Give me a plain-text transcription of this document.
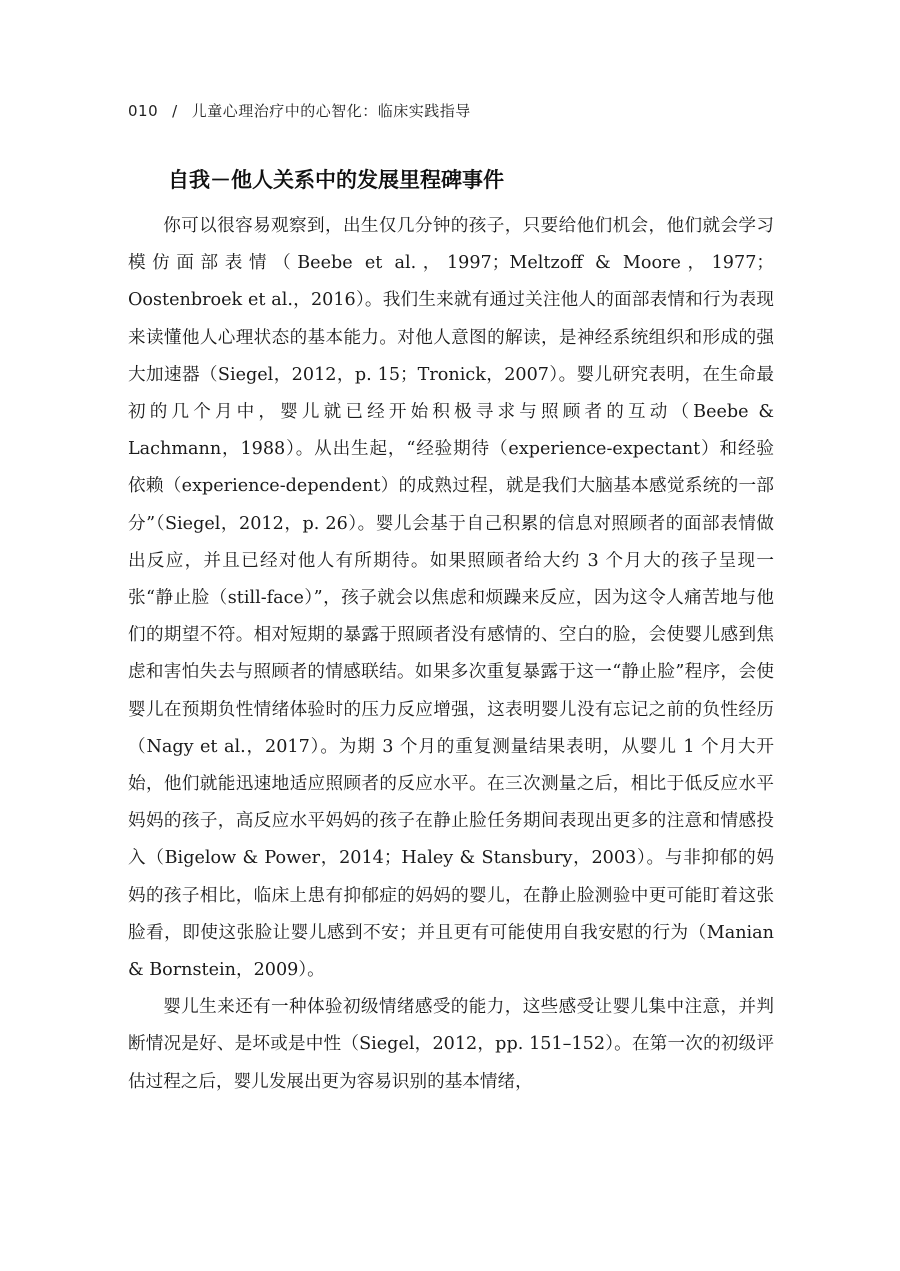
010 / 儿童心理治疗中的心智化：临床实践指导
自我－他人关系中的发展里程碑事件

你可以很容易观察到，出生仅几分钟的孩子，只要给他们机会，他们就会学习模仿面部表情（Beebe et al.，1997；Meltzoff & Moore，1977；Oostenbroek et al.，2016）。我们生来就有通过关注他人的面部表情和行为表现来读懂他人心理状态的基本能力。对他人意图的解读，是神经系统组织和形成的强大加速器（Siegel，2012，p. 15；Tronick，2007）。婴儿研究表明，在生命最初的几个月中，婴儿就已经开始积极寻求与照顾者的互动（Beebe & Lachmann，1988）。从出生起，“经验期待（experience-expectant）和经验依赖（experience-dependent）的成熟过程，就是我们大脑基本感觉系统的一部分”（Siegel，2012，p. 26）。婴儿会基于自己积累的信息对照顾者的面部表情做出反应，并且已经对他人有所期待。如果照顾者给大约 3 个月大的孩子呈现一张“静止脸（still-face）”，孩子就会以焦虑和烦躁来反应，因为这令人痛苦地与他们的期望不符。相对短期的暴露于照顾者没有感情的、空白的脸，会使婴儿感到焦虑和害怕失去与照顾者的情感联结。如果多次重复暴露于这一“静止脸”程序，会使婴儿在预期负性情绪体验时的压力反应增强，这表明婴儿没有忘记之前的负性经历（Nagy et al.，2017）。为期 3 个月的重复测量结果表明，从婴儿 1 个月大开始，他们就能迅速地适应照顾者的反应水平。在三次测量之后，相比于低反应水平妈妈的孩子，高反应水平妈妈的孩子在静止脸任务期间表现出更多的注意和情感投入（Bigelow & Power，2014；Haley & Stansbury，2003）。与非抑郁的妈妈的孩子相比，临床上患有抑郁症的妈妈的婴儿，在静止脸测验中更可能盯着这张脸看，即使这张脸让婴儿感到不安；并且更有可能使用自我安慰的行为（Manian & Bornstein，2009）。

婴儿生来还有一种体验初级情绪感受的能力，这些感受让婴儿集中注意，并判断情况是好、是坏或是中性（Siegel，2012，pp. 151–152）。在第一次的初级评估过程之后，婴儿发展出更为容易识别的基本情绪，
